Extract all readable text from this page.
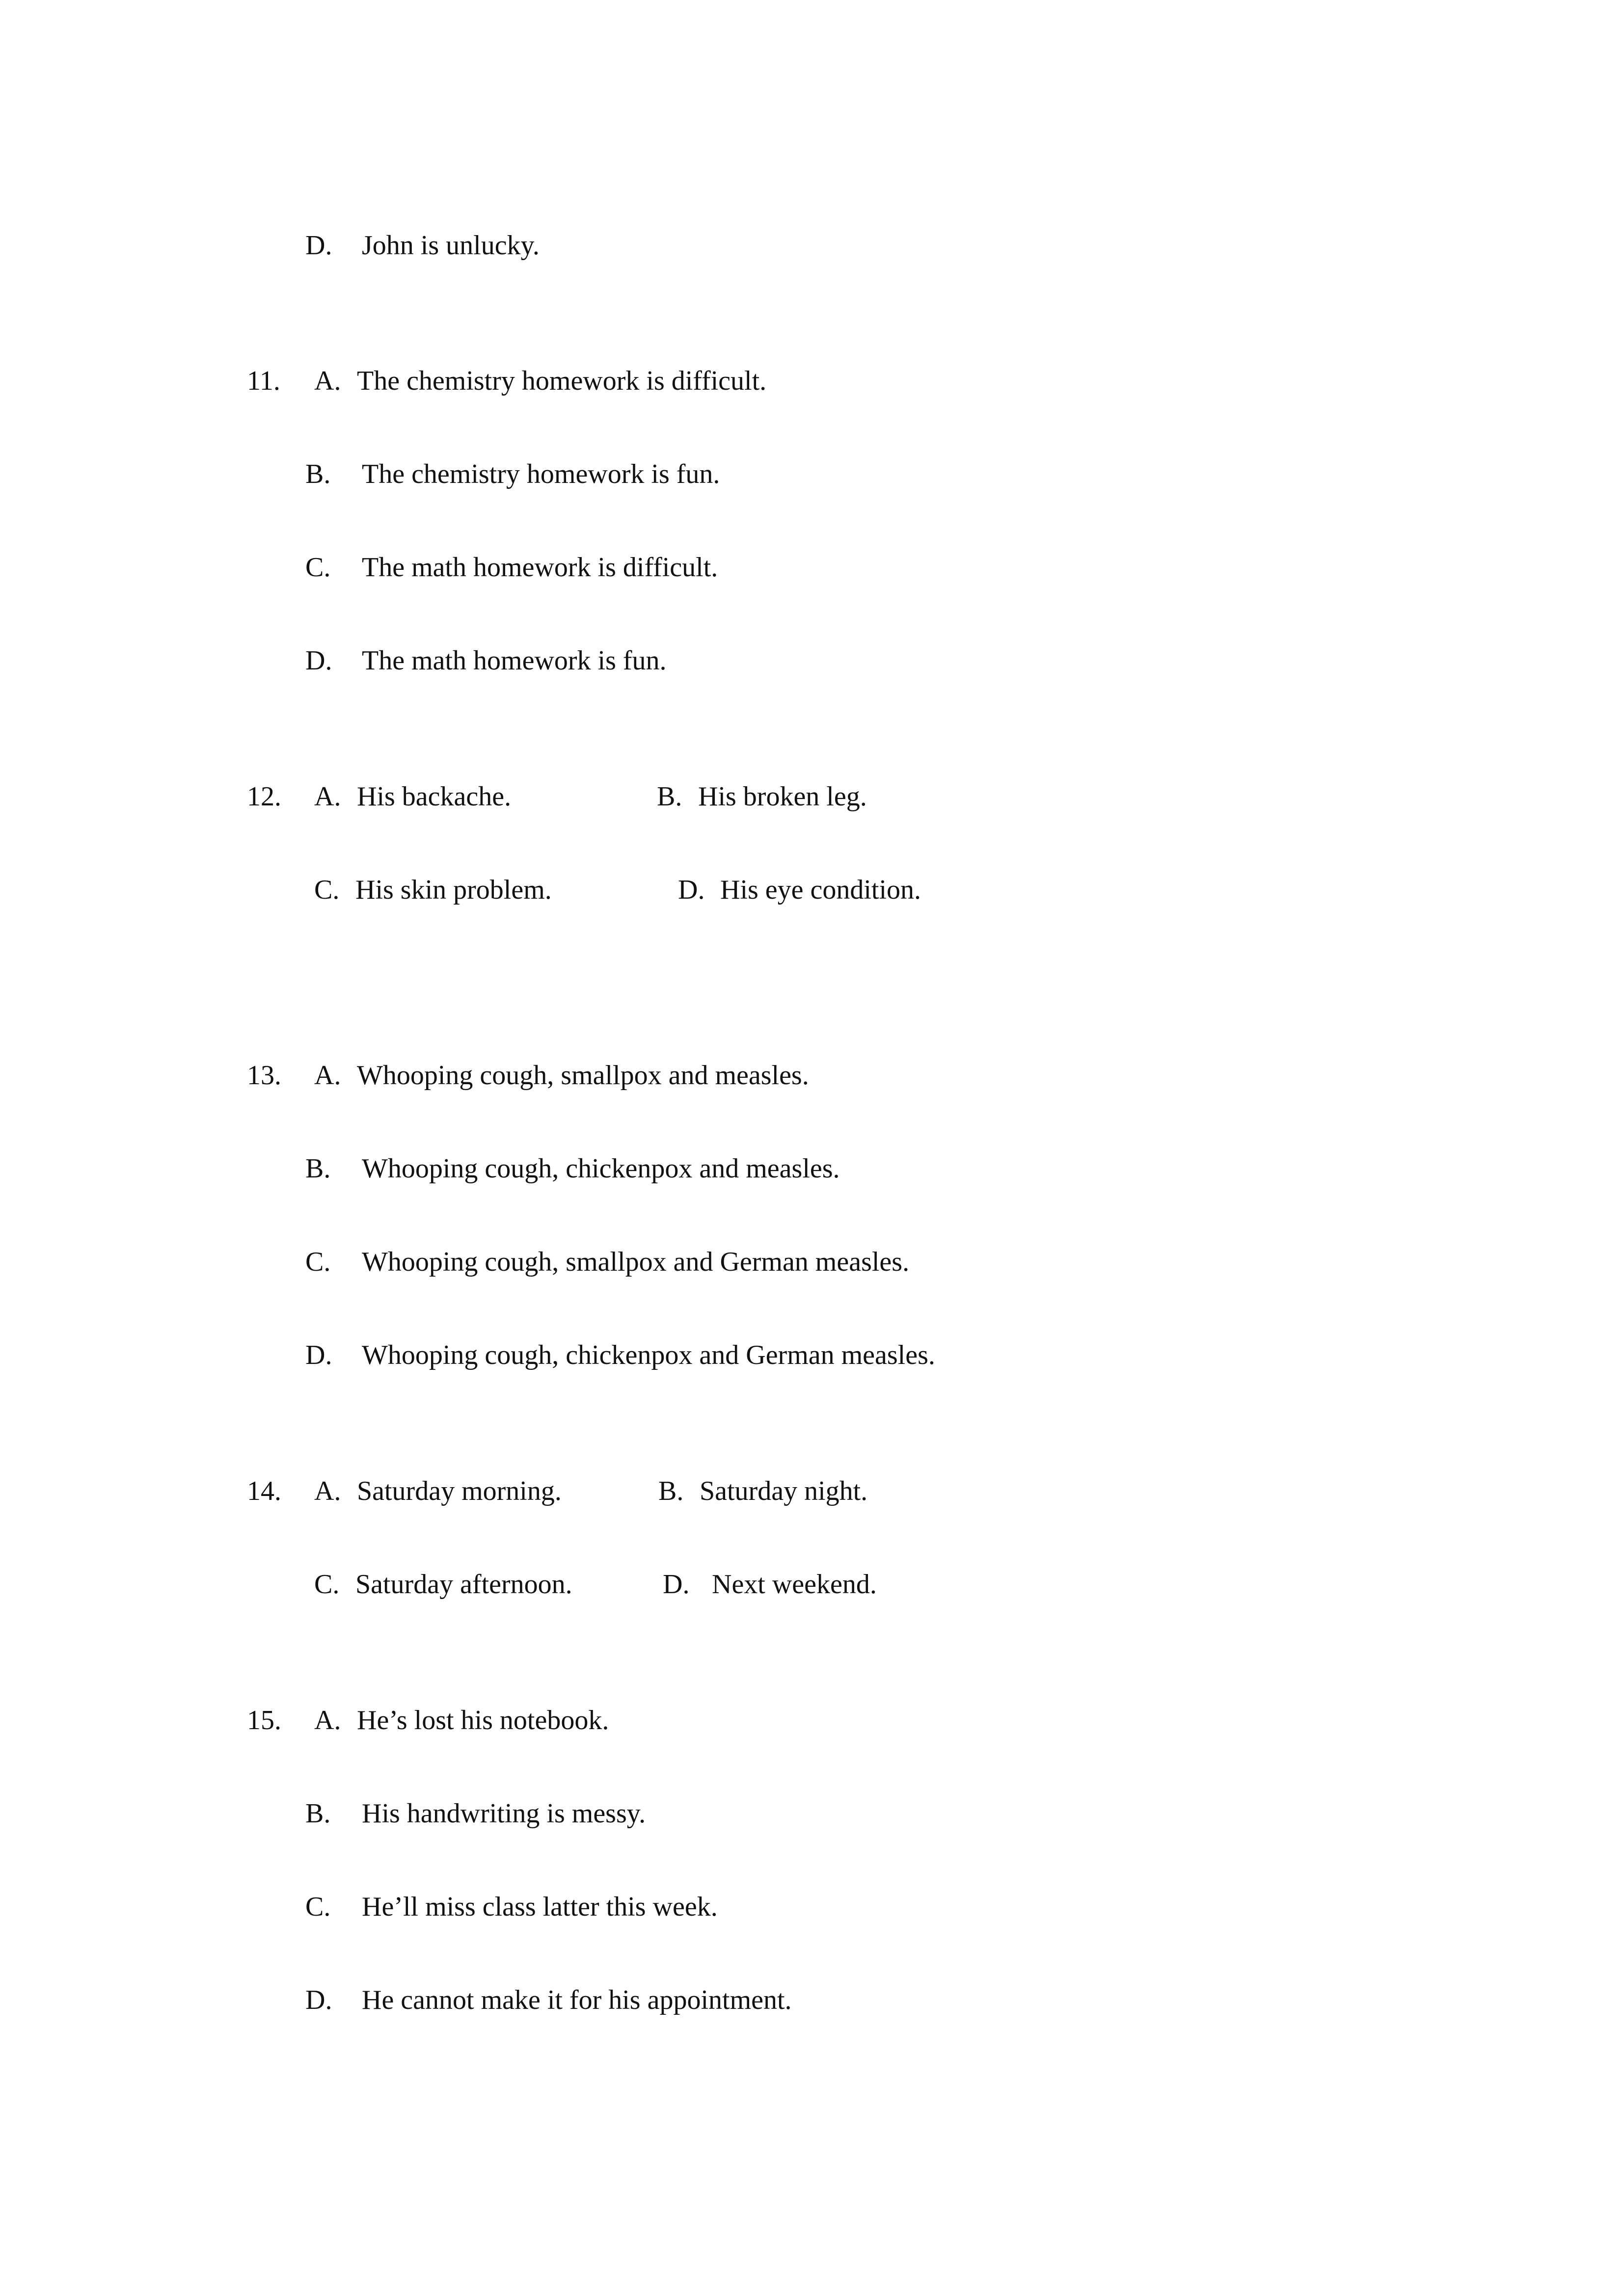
D. John is unlucky.
11. A. The chemistry homework is difficult.
B. The chemistry homework is fun.
C. The math homework is difficult.
D. The math homework is fun.
12. A. His backache.	B. His broken leg.
C. His skin problem.	D. His eye condition.
13. A. Whooping cough, smallpox and measles.
B. Whooping cough, chickenpox and measles.
C. Whooping cough, smallpox and German measles.
D. Whooping cough, chickenpox and German measles.
14. A. Saturday morning.	B. Saturday night.
C. Saturday afternoon.	D. Next weekend.
15. A. He’s lost his notebook.
B. His handwriting is messy.
C. He’ll miss class latter this week.
D. He cannot make it for his appointment.
